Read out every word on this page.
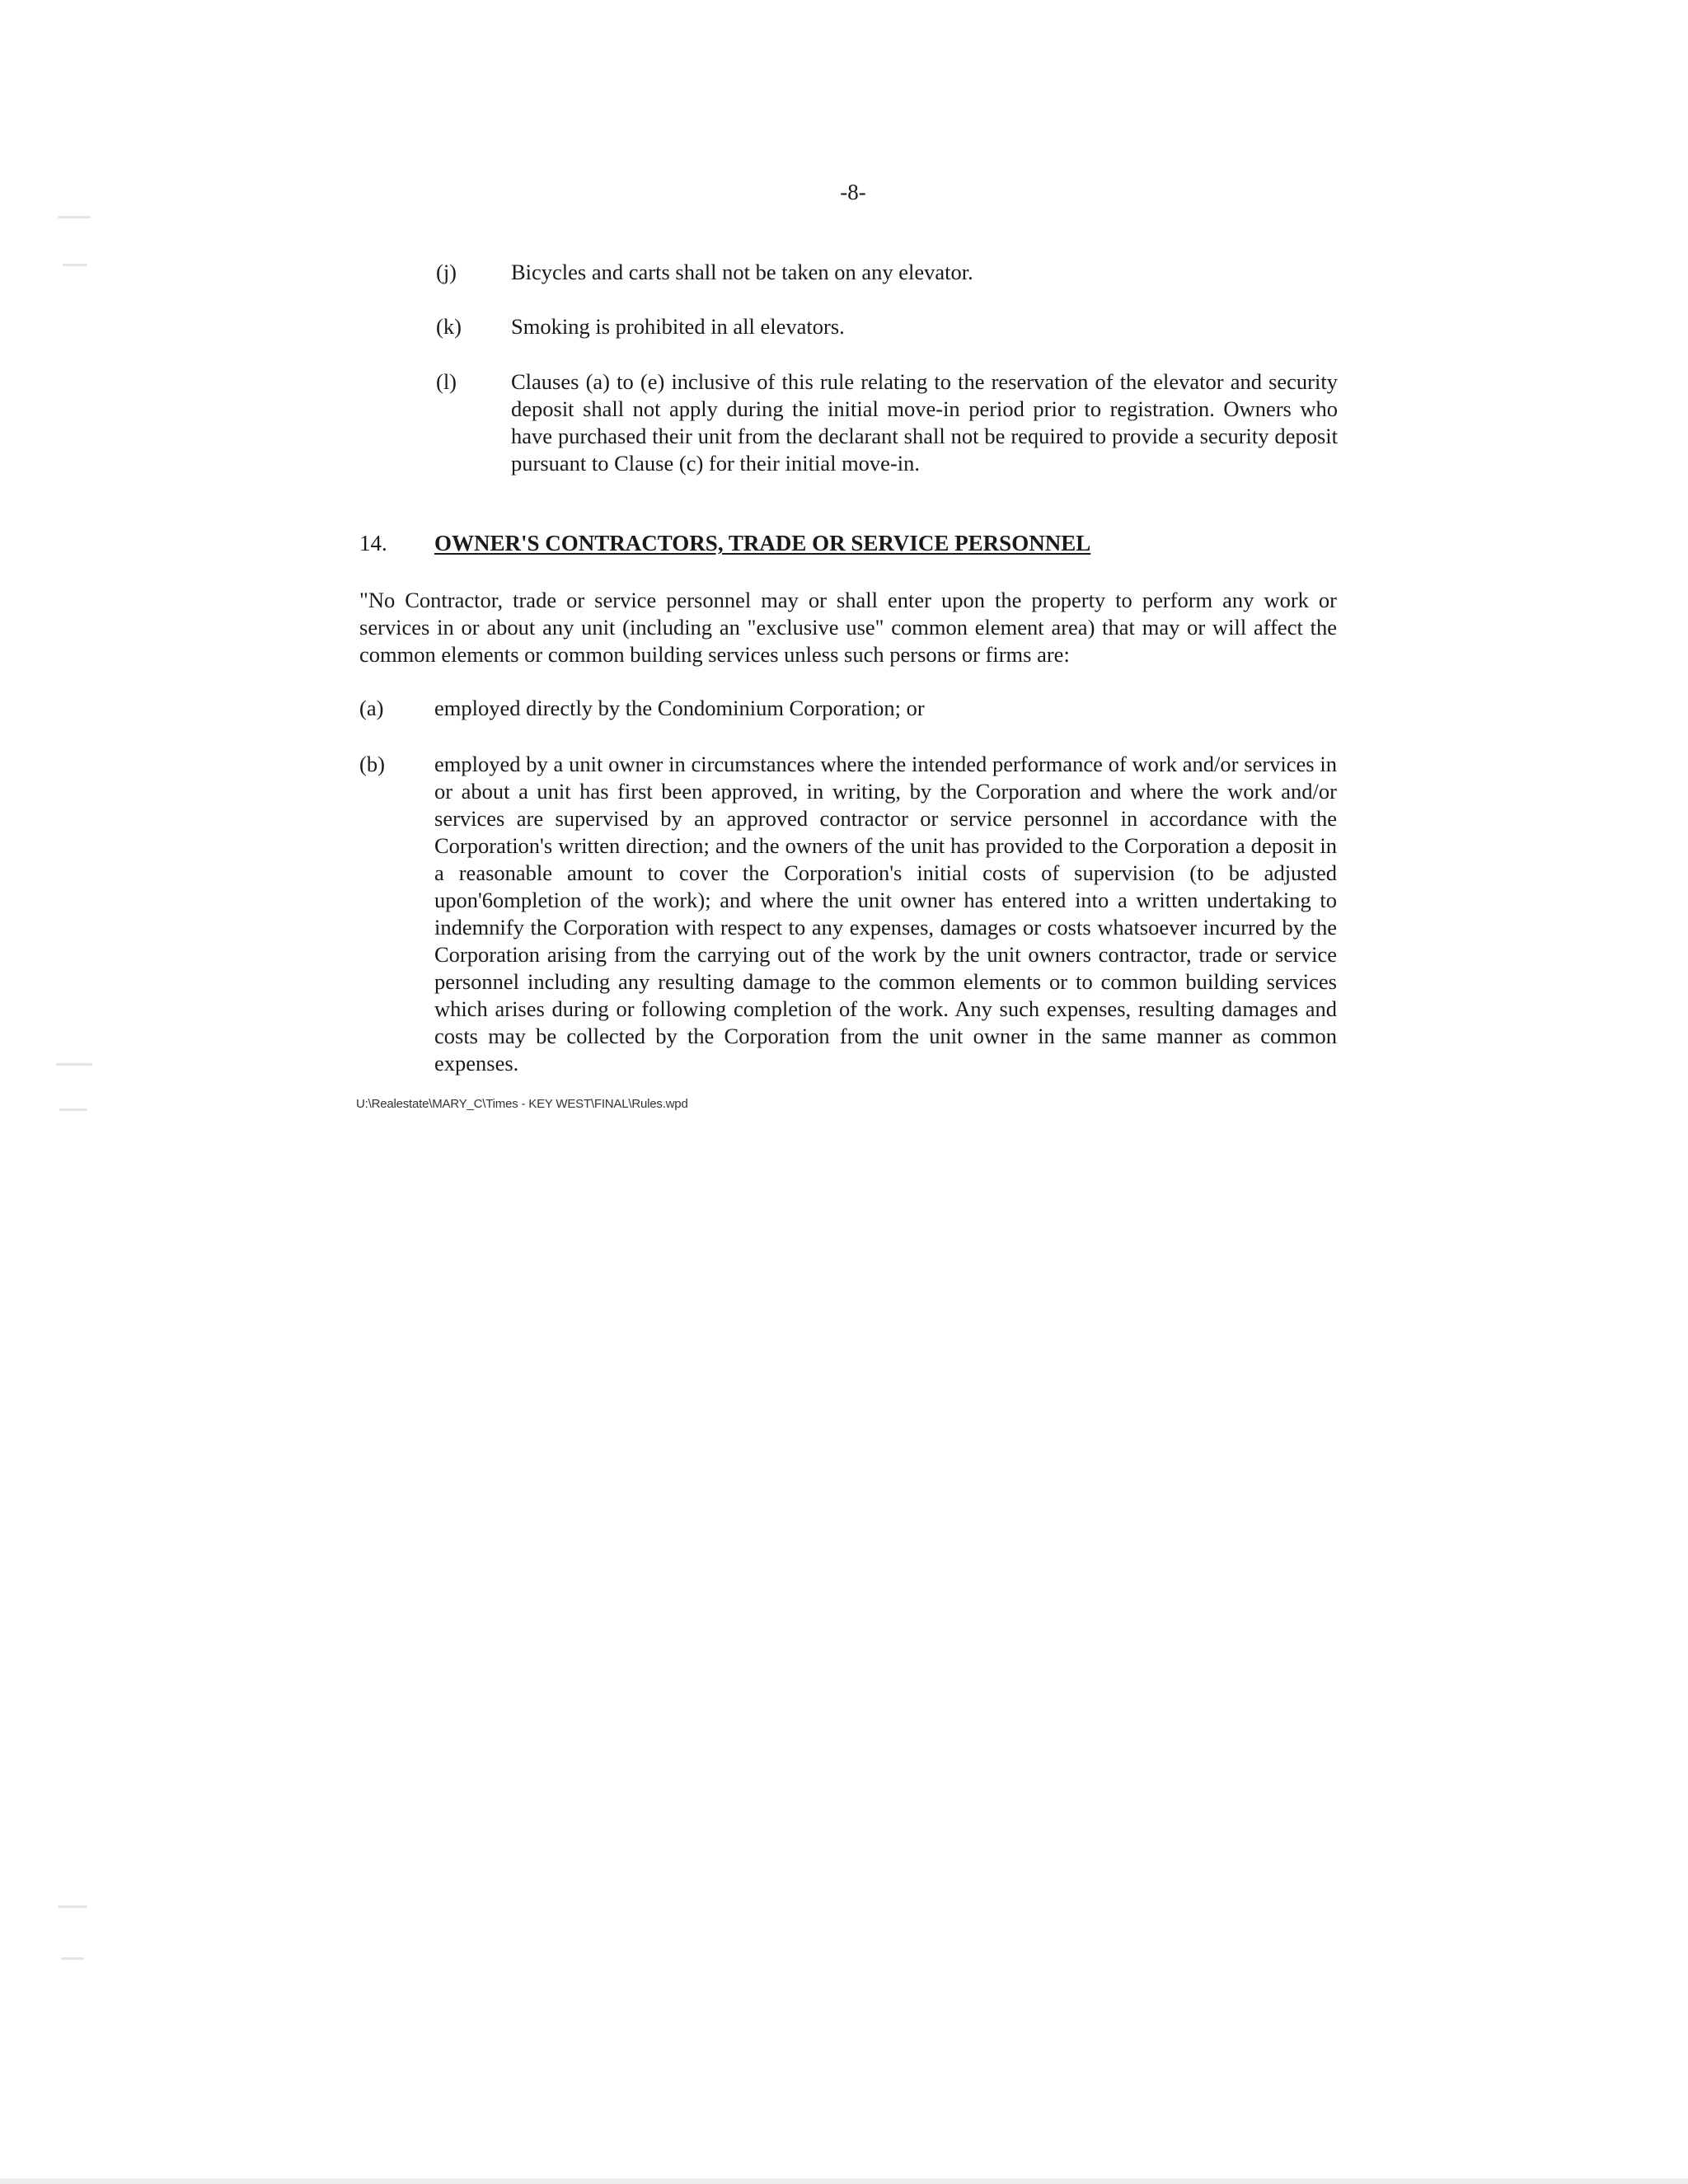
-8-
(j) Bicycles and carts shall not be taken on any elevator.
(k) Smoking is prohibited in all elevators.
(l) Clauses (a) to (e) inclusive of this rule relating to the reservation of the elevator and security deposit shall not apply during the initial move-in period prior to registration. Owners who have purchased their unit from the declarant shall not be required to provide a security deposit pursuant to Clause (c) for their initial move-in.
14. OWNER'S CONTRACTORS, TRADE OR SERVICE PERSONNEL
"No Contractor, trade or service personnel may or shall enter upon the property to perform any work or services in or about any unit (including an "exclusive use" common element area) that may or will affect the common elements or common building services unless such persons or firms are:
(a) employed directly by the Condominium Corporation; or
(b) employed by a unit owner in circumstances where the intended performance of work and/or services in or about a unit has first been approved, in writing, by the Corporation and where the work and/or services are supervised by an approved contractor or service personnel in accordance with the Corporation's written direction; and the owners of the unit has provided to the Corporation a deposit in a reasonable amount to cover the Corporation's initial costs of supervision (to be adjusted upon'6ompletion of the work); and where the unit owner has entered into a written undertaking to indemnify the Corporation with respect to any expenses, damages or costs whatsoever incurred by the Corporation arising from the carrying out of the work by the unit owners contractor, trade or service personnel including any resulting damage to the common elements or to common building services which arises during or following completion of the work. Any such expenses, resulting damages and costs may be collected by the Corporation from the unit owner in the same manner as common expenses.
U:\Realestate\MARY_C\Times - KEY WEST\FINAL\Rules.wpd
